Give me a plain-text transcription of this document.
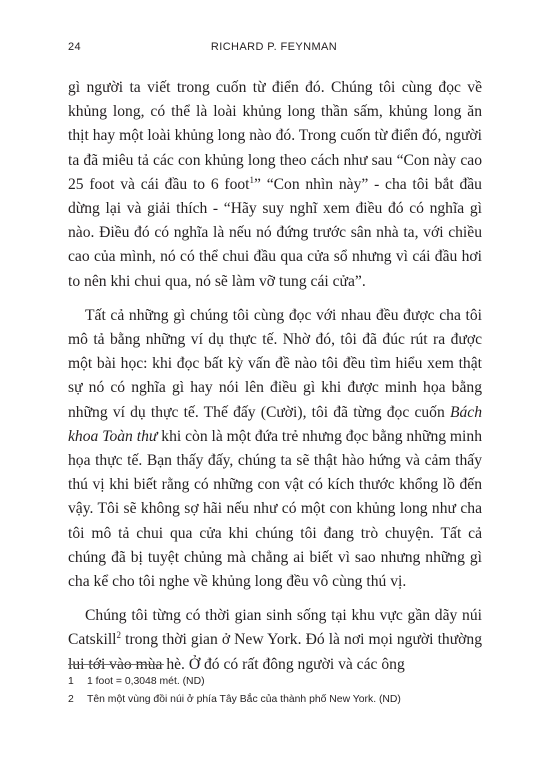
24	RICHARD P. FEYNMAN

gì người ta viết trong cuốn từ điển đó. Chúng tôi cùng đọc về khủng long, có thể là loài khủng long thần sấm, khủng long ăn thịt hay một loài khủng long nào đó. Trong cuốn từ điển đó, người ta đã miêu tả các con khủng long theo cách như sau “Con này cao 25 foot và cái đầu to 6 foot$^1$” “Con nhìn này” - cha tôi bắt đầu dừng lại và giải thích - “Hãy suy nghĩ xem điều đó có nghĩa gì nào. Điều đó có nghĩa là nếu nó đứng trước sân nhà ta, với chiều cao của mình, nó có thể chui đầu qua cửa sổ nhưng vì cái đầu hơi to nên khi chui qua, nó sẽ làm vỡ tung cái cửa”.

Tất cả những gì chúng tôi cùng đọc với nhau đều được cha tôi mô tả bằng những ví dụ thực tế. Nhờ đó, tôi đã đúc rút ra được một bài học: khi đọc bất kỳ vấn đề nào tôi đều tìm hiểu xem thật sự nó có nghĩa gì hay nói lên điều gì khi được minh họa bằng những ví dụ thực tế. Thế đấy (Cười), tôi đã từng đọc cuốn Bách khoa Toàn thư khi còn là một đứa trẻ nhưng đọc bằng những minh họa thực tế. Bạn thấy đấy, chúng ta sẽ thật hào hứng và cảm thấy thú vị khi biết rằng có những con vật có kích thước khổng lồ đến vậy. Tôi sẽ không sợ hãi nếu như có một con khủng long như cha tôi mô tả chui qua cửa khi chúng tôi đang trò chuyện. Tất cả chúng đã bị tuyệt chủng mà chẳng ai biết vì sao nhưng những gì cha kể cho tôi nghe về khủng long đều vô cùng thú vị.

Chúng tôi từng có thời gian sinh sống tại khu vực gần dãy núi Catskill$^2$ trong thời gian ở New York. Đó là nơi mọi người thường lui tới vào mùa hè. Ở đó có rất đông người và các ông

1	1 foot = 0,3048 mét. (ND)
2	Tên một vùng đồi núi ở phía Tây Bắc của thành phố New York. (ND)
